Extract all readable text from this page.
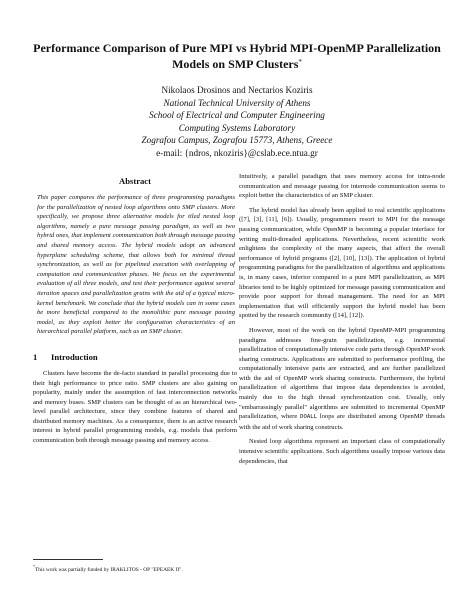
Performance Comparison of Pure MPI vs Hybrid MPI-OpenMP Parallelization Models on SMP Clusters*
Nikolaos Drosinos and Nectarios Koziris
National Technical University of Athens
School of Electrical and Computer Engineering
Computing Systems Laboratory
Zografou Campus, Zografou 15773, Athens, Greece
e-mail: {ndros, nkoziris}@cslab.ece.ntua.gr
Abstract
This paper compares the performance of three programming paradigms for the parallelization of nested loop algorithms onto SMP clusters. More specifically, we propose three alternative models for tiled nested loop algorithms, namely a pure message passing paradigm, as well as two hybrid ones, that implement communication both through message passing and shared memory access. The hybrid models adopt an advanced hyperplane scheduling scheme, that allows both for minimal thread synchronization, as well as for pipelined execution with overlapping of computation and communication phases. We focus on the experimental evaluation of all three models, and test their performance against several iteration spaces and parallelization grains with the aid of a typical micro-kernel benchmark. We conclude that the hybrid models can in some cases be more beneficial compared to the monolithic pure message passing model, as they exploit better the configuration characteristics of an hierarchical parallel platform, such as an SMP cluster.
1 Introduction

Clusters have become the de-facto standard in parallel processing due to their high performance to price ratio. SMP clusters are also gaining on popularity, mainly under the assumption of fast interconnection networks and memory buses. SMP clusters can be thought of as an hierarchical two-level parallel architecture, since they combine features of shared and distributed memory machines. As a consequence, there is an active research interest in hybrid parallel programming models, e.g. models that perform communication both through message passing and memory access.

Intuitively, a parallel paradigm that uses memory access for intra-node communication and message passing for internode communication seems to exploit better the characteristics of an SMP cluster.

The hybrid model has already been applied to real scientific applications ([7], [3], [11], [6]). Usually, programmers resort to MPI for the message passing communication, while OpenMP is becoming a popular interface for writing multi-threaded applications. Nevertheless, recent scientific work enlightens the complexity of the many aspects, that affect the overall performance of hybrid programs ([2], [10], [13]). The application of hybrid programming paradigms for the parallelization of algorithms and applications is, in many cases, inferior compared to a pure MPI parallelization, as MPI libraries tend to be highly optimized for message passing communication and provide poor support for thread management. The need for an MPI implementation that will efficiently support the hybrid model has been spotted by the research community ([14], [12]).

However, most of the work on the hybrid OpenMP-MPI programming paradigms addresses fine-grain parallelization, e.g. incremental parallelization of computationally intensive code parts through OpenMP work sharing constructs. Applications are submitted to performance profiling, the computationally intensive parts are extracted, and are further parallelized with the aid of OpenMP work sharing constructs. Furthermore, the hybrid parallelization of algorithms that impose data dependencies is avoided, mainly due to the high thread synchronization cost. Usually, only "embarrassingly parallel" algorithms are submitted to incremental OpenMP parallelization, where DOALL loops are distributed among OpenMP threads with the aid of work sharing constructs.

Nested loop algorithms represent an important class of computationally intensive scientific applications. Such algorithms usually impose various data dependencies, that

*This work was partially funded by IRAKLITOS - OP "EPEAEK II".
